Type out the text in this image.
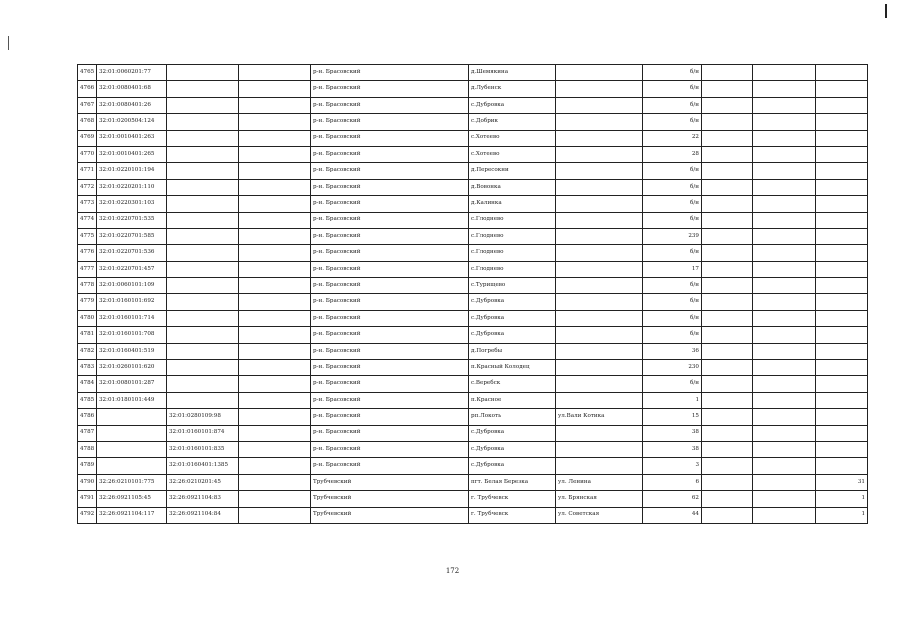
4765	32:01:0060201:77			р-н. Брасовский	д.Шемякина		б/н			
4766	32:01:0080401:68			р-н. Брасовский	д.Лубенск		б/н			
4767	32:01:0080401:26			р-н. Брасовский	с.Дубровка		б/н			
4768	32:01:0200504:124			р-н. Брасовский	с.Добрик		б/н			
4769	32:01:0010401:263			р-н. Брасовский	с.Хотеево		22			
4770	32:01:0010401:265			р-н. Брасовский	с.Хотеево		28			
4771	32:01:0220101:194			р-н. Брасовский	д.Пересокни		б/н			
4772	32:01:0220201:110			р-н. Брасовский	д.Вовонка		б/н			
4773	32:01:0220301:103			р-н. Брасовский	д.Калинка		б/н			
4774	32:01:0220701:535			р-н. Брасовский	с.Глоднево		б/н			
4775	32:01:0220701:585			р-н. Брасовский	с.Глоднево		239			
4776	32:01:0220701:536			р-н. Брасовский	с.Глоднево		б/н			
4777	32:01:0220701:457			р-н. Брасовский	с.Глоднево		17			
4778	32:01:0060101:109			р-н. Брасовский	с.Турищево		б/н			
4779	32:01:0160101:692			р-н. Брасовский	с.Дубровка		б/н			
4780	32:01:0160101:714			р-н. Брасовский	с.Дубровка		б/н			
4781	32:01:0160101:708			р-н. Брасовский	с.Дубровка		б/н			
4782	32:01:0160401:519			р-н. Брасовский	д.Погребы		36			
4783	32:01:0260101:620			р-н. Брасовский	п.Красный Колодец		230			
4784	32:01:0080101:287			р-н. Брасовский	с.Веребск		б/н			
4785	32:01:0180101:449			р-н. Брасовский	п.Красное		1			
4786		32:01:0280109:98		р-н. Брасовский	рп.Локоть	ул.Вали Котика	15			
4787		32:01:0160101:874		р-н. Брасовский	с.Дубровка		38			
4788		32:01:0160101:835		р-н. Брасовский	с.Дубровка		38			
4789		32:01:0160401:1385		р-н. Брасовский	с.Дубровка		3			
4790	32:26:0210101:775	32:26:0210201:45		Трубчевский	пгт. Белая Березка	ул. Ленина	6			31
4791	32:26:0921105:45	32:26:0921104:83		Трубчевский	г. Трубчевск	ул. Брянская	62			1
4792	32:26:0921104:117	32:26:0921104:84		Трубчевский	г. Трубчевск	ул. Советская	44			1
172
